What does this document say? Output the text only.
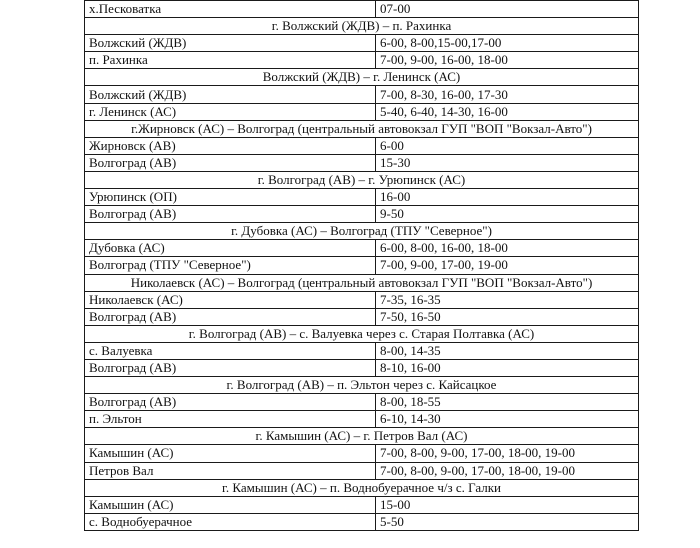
х.Песковатка	07-00
г. Волжский (ЖДВ) – п. Рахинка	
Волжский (ЖДВ)	6-00, 8-00,15-00,17-00
п. Рахинка	7-00, 9-00, 16-00, 18-00
Волжский (ЖДВ) – г. Ленинск (АС)	
Волжский (ЖДВ)	7-00, 8-30, 16-00, 17-30
г. Ленинск (АС)	5-40, 6-40, 14-30, 16-00
г.Жирновск (АС) – Волгоград (центральный автовокзал ГУП "ВОП "Вокзал-Авто")	
Жирновск (АВ)	6-00
Волгоград (АВ)	15-30
г. Волгоград (АВ) – г. Урюпинск (АС)	
Урюпинск (ОП)	16-00
Волгоград (АВ)	9-50
г. Дубовка (АС) – Волгоград (ТПУ "Северное")	
Дубовка (АС)	6-00, 8-00, 16-00, 18-00
Волгоград (ТПУ "Северное")	7-00, 9-00, 17-00, 19-00
Николаевск (АС) – Волгоград (центральный автовокзал ГУП "ВОП "Вокзал-Авто")	
Николаевск (АС)	7-35, 16-35
Волгоград (АВ)	7-50, 16-50
г. Волгоград (АВ) – с. Валуевка через с. Старая Полтавка (АС)	
с. Валуевка	8-00, 14-35
Волгоград (АВ)	8-10, 16-00
г. Волгоград (АВ) – п. Эльтон через с. Кайсацкое	
Волгоград (АВ)	8-00, 18-55
п. Эльтон	6-10, 14-30
г. Камышин (АС) – г. Петров Вал (АС)	
Камышин (АС)	7-00, 8-00, 9-00, 17-00, 18-00, 19-00
Петров Вал	7-00, 8-00, 9-00, 17-00, 18-00, 19-00
г. Камышин (АС) – п. Воднобуерачное ч/з с. Галки	
Камышин (АС)	15-00
с. Воднобуерачное	5-50
